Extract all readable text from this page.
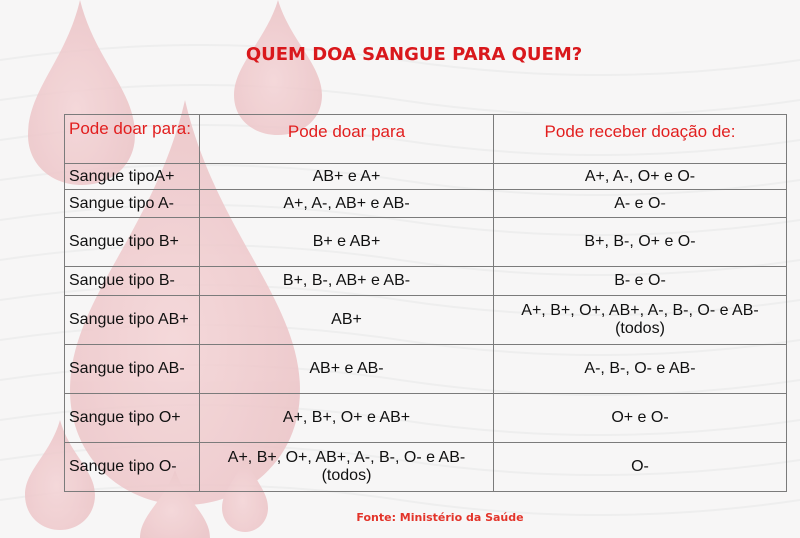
QUEM DOA SANGUE PARA QUEM?
Pode doar para:	Pode doar para	Pode receber doação de:
Sangue tipoA+	AB+ e A+	A+, A-, O+ e O-
Sangue tipo A-	A+, A-, AB+ e AB-	A- e O-
Sangue tipo B+	B+ e AB+	B+, B-, O+ e O-
Sangue tipo B-	B+, B-, AB+ e AB-	B- e O-
Sangue tipo AB+	AB+	A+, B+, O+, AB+, A-, B-, O- e AB- (todos)
Sangue tipo AB-	AB+ e AB-	A-, B-, O- e AB-
Sangue tipo O+	A+, B+, O+ e AB+	O+ e O-
Sangue tipo O-	A+, B+, O+, AB+, A-, B-, O- e AB- (todos)	O-
Fonte: Ministério da Saúde
